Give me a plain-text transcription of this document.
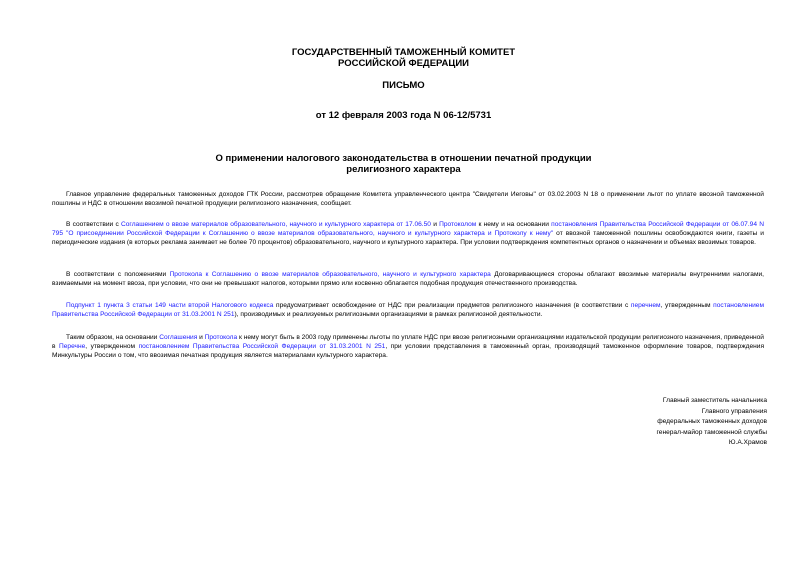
ГОСУДАРСТВЕННЫЙ ТАМОЖЕННЫЙ КОМИТЕТ
РОССИЙСКОЙ ФЕДЕРАЦИИ
ПИСЬМО
от 12 февраля 2003 года N 06-12/5731
О применении налогового законодательства в отношении печатной продукции
религиозного характера
Главное управление федеральных таможенных доходов ГТК России, рассмотрев обращение Комитета управленческого центра "Свидетели Иеговы" от 03.02.2003 N 18 о применении льгот по уплате ввозной таможенной пошлины и НДС в отношении ввозимой печатной продукции религиозного назначения, сообщает.
В соответствии с Соглашением о ввозе материалов образовательного, научного и культурного характера от 17.06.50 и Протоколом к нему и на основании постановления Правительства Российской Федерации от 06.07.94 N 795 "О присоединении Российской Федерации к Соглашению о ввозе материалов образовательного, научного и культурного характера и Протоколу к нему" от ввозной таможенной пошлины освобождаются книги, газеты и периодические издания (в которых реклама занимает не более 70 процентов) образовательного, научного и культурного характера. При условии подтверждения компетентных органов о назначении и объемах ввозимых товаров.
В соответствии с положениями Протокола к Соглашению о ввозе материалов образовательного, научного и культурного характера Договаривающиеся стороны облагают ввозимые материалы внутренними налогами, взимаемыми на момент ввоза, при условии, что они не превышают налогов, которыми прямо или косвенно облагается подобная продукция отечественного производства.
Подпункт 1 пункта 3 статьи 149 части второй Налогового кодекса предусматривает освобождение от НДС при реализации предметов религиозного назначения (в соответствии с перечнем, утвержденным постановлением Правительства Российской Федерации от 31.03.2001 N 251), производимых и реализуемых религиозными организациями в рамках религиозной деятельности.
Таким образом, на основании Соглашения и Протокола к нему могут быть в 2003 году применены льготы по уплате НДС при ввозе религиозными организациями издательской продукции религиозного назначения, приведенной в Перечне, утвержденном постановлением Правительства Российской Федерации от 31.03.2001 N 251, при условии представления в таможенный орган, производящий таможенное оформление товаров, подтверждения Минкультуры России о том, что ввозимая печатная продукция является материалами культурного характера.
Главный заместитель начальника
Главного управления
федеральных таможенных доходов
генерал-майор таможенной службы
Ю.А.Храмов
